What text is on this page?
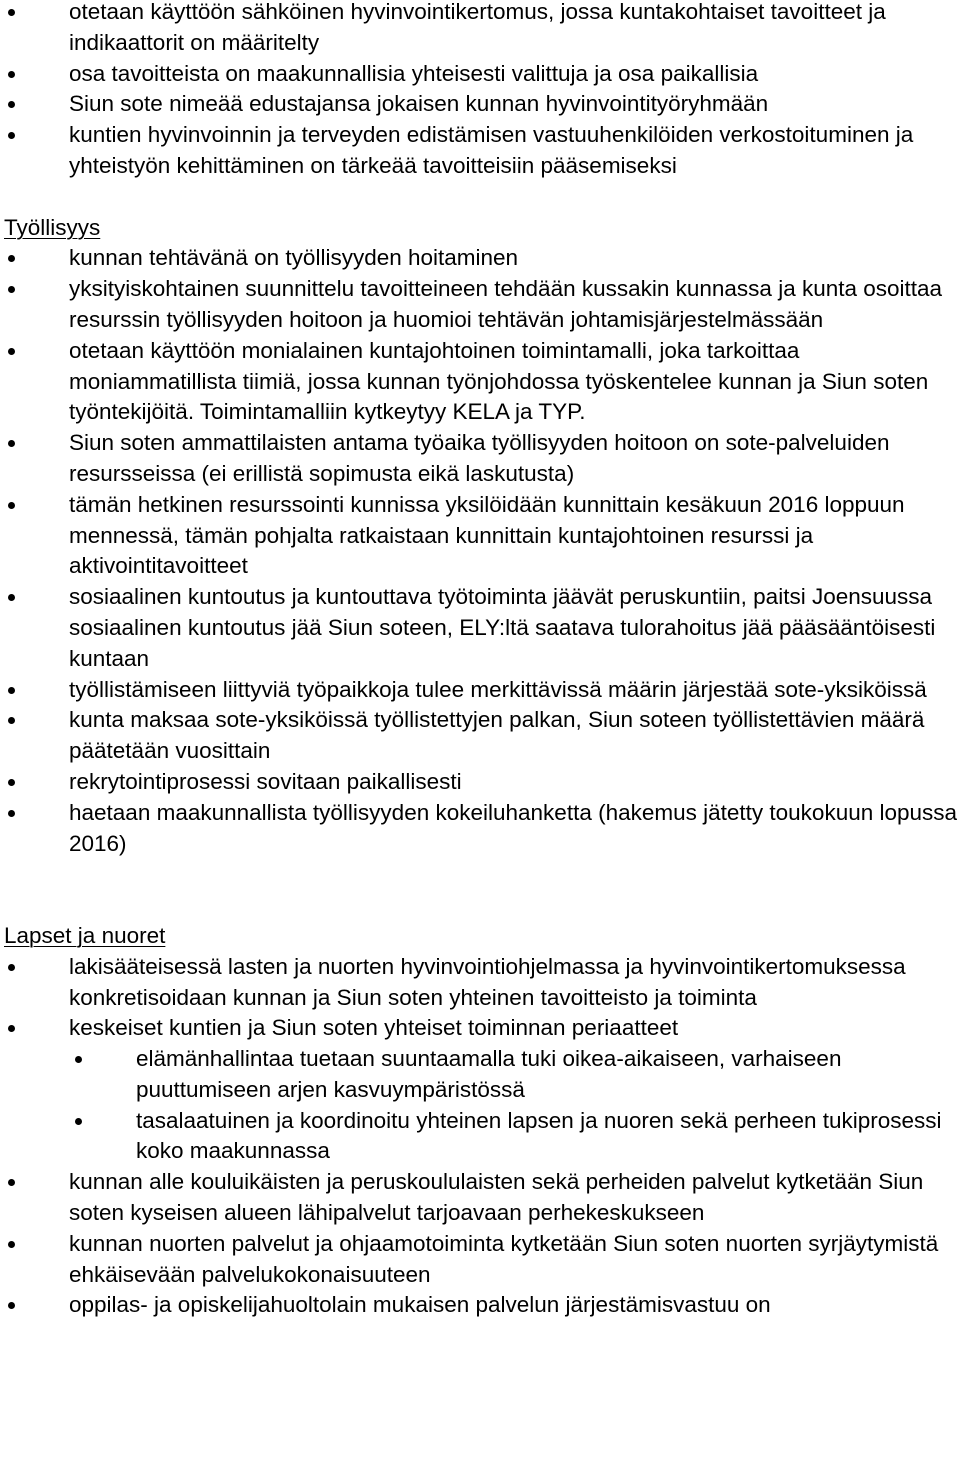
otetaan käyttöön sähköinen hyvinvointikertomus, jossa kuntakohtaiset tavoitteet ja indikaattorit on määritelty
osa tavoitteista on maakunnallisia yhteisesti valittuja ja osa paikallisia
Siun sote nimeää edustajansa jokaisen kunnan hyvinvointityöryhmään
kuntien hyvinvoinnin ja terveyden edistämisen vastuuhenkilöiden verkostoituminen ja yhteistyön kehittäminen on tärkeää tavoitteisiin pääsemiseksi
Työllisyys
kunnan tehtävänä on työllisyyden hoitaminen
yksityiskohtainen suunnittelu tavoitteineen tehdään kussakin kunnassa ja kunta osoittaa resurssin työllisyyden hoitoon ja huomioi tehtävän johtamisjärjestelmässään
otetaan käyttöön monialainen kuntajohtoinen toimintamalli, joka tarkoittaa moniammatillista tiimiä, jossa kunnan työnjohdossa työskentelee kunnan ja Siun soten työntekijöitä. Toimintamalliin kytkeytyy KELA ja TYP.
Siun soten ammattilaisten antama työaika työllisyyden hoitoon on sote-palveluiden resursseissa (ei erillistä sopimusta eikä laskutusta)
tämän hetkinen resurssointi kunnissa yksilöidään kunnittain kesäkuun 2016 loppuun mennessä, tämän pohjalta ratkaistaan kunnittain kuntajohtoinen resurssi ja aktivointitavoitteet
sosiaalinen kuntoutus ja kuntouttava työtoiminta jäävät peruskuntiin, paitsi Joensuussa sosiaalinen kuntoutus jää Siun soteen, ELY:ltä saatava tulorahoitus jää pääsääntöisesti kuntaan
työllistämiseen liittyviä työpaikkoja tulee merkittävissä määrin järjestää sote-yksiköissä
kunta maksaa sote-yksiköissä työllistettyjen palkan, Siun soteen työllistettävien määrä päätetään vuosittain
rekrytointiprosessi sovitaan paikallisesti
haetaan maakunnallista työllisyyden kokeiluhanketta (hakemus jätetty toukokuun lopussa 2016)
Lapset ja nuoret
lakisääteisessä lasten ja nuorten hyvinvointiohjelmassa ja hyvinvointikertomuksessa konkretisoidaan kunnan ja Siun soten yhteinen tavoitteisto ja toiminta
keskeiset kuntien ja Siun soten yhteiset toiminnan periaatteet
elämänhallintaa tuetaan suuntaamalla tuki oikea-aikaiseen, varhaiseen puuttumiseen arjen kasvuympäristössä
tasalaatuinen ja koordinoitu yhteinen lapsen ja nuoren sekä perheen tukiprosessi koko maakunnassa
kunnan alle kouluikäisten ja peruskoululaisten sekä perheiden palvelut kytketään Siun soten kyseisen alueen lähipalvelut tarjoavaan perhekeskukseen
kunnan nuorten palvelut ja ohjaamotoiminta kytketään Siun soten nuorten syrjäytymistä ehkäisevään palvelukokonaisuuteen
oppilas- ja opiskelijahuoltolain mukaisen palvelun järjestämisvastuu on
